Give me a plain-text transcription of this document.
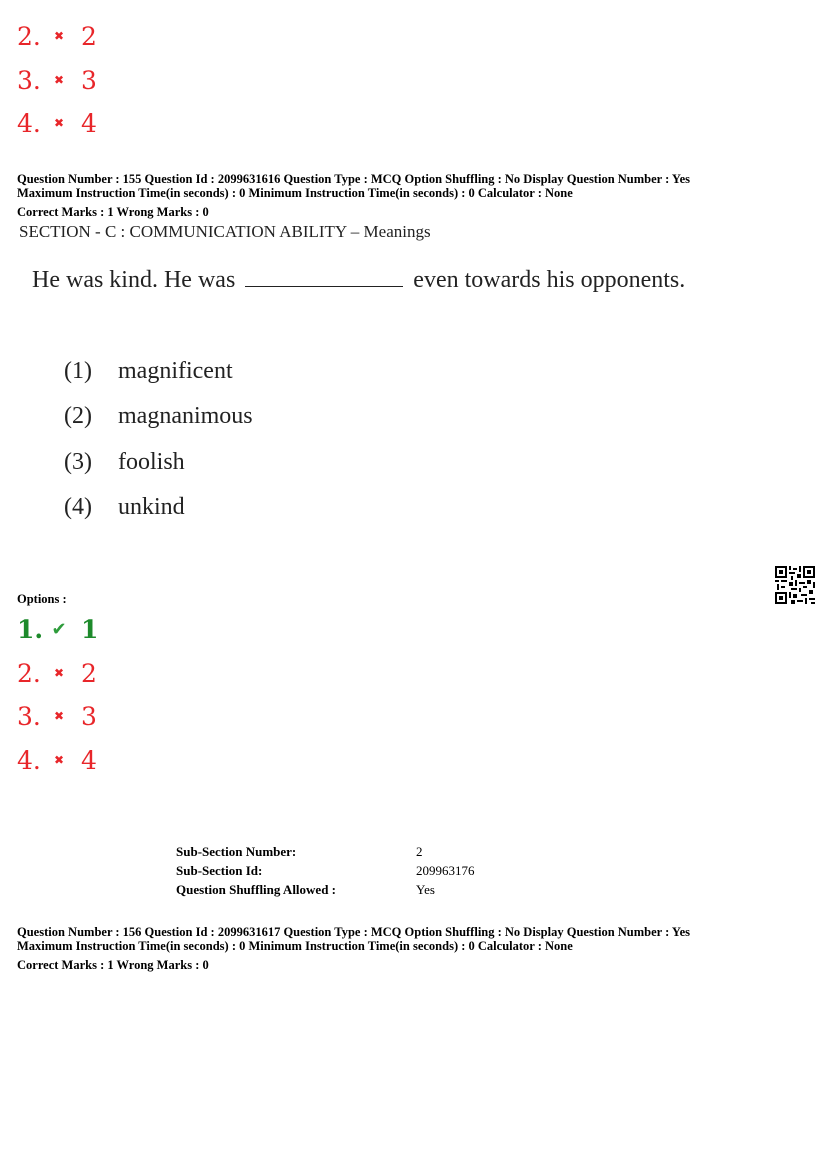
2.	✖ 2
3.	✖ 3
4.	✖ 4
Question Number : 155 Question Id : 2099631616 Question Type : MCQ Option Shuffling : No Display Question Number : Yes
Maximum Instruction Time(in seconds) : 0 Minimum Instruction Time(in seconds) : 0 Calculator : None
Correct Marks : 1 Wrong Marks : 0
SECTION - C : COMMUNICATION ABILITY – Meanings
He was kind. He was	even towards his opponents.
(1) magnificent
(2) magnanimous
(3) foolish
(4) unkind
Options :
1. ✔ 1
2.	✖ 2
3.	✖ 3
4.	✖ 4
Sub-Section Number:	2
Sub-Section Id:	209963176
Question Shuffling Allowed :	Yes
Question Number : 156 Question Id : 2099631617 Question Type : MCQ Option Shuffling : No Display Question Number : Yes
Maximum Instruction Time(in seconds) : 0 Minimum Instruction Time(in seconds) : 0 Calculator : None
Correct Marks : 1 Wrong Marks : 0
